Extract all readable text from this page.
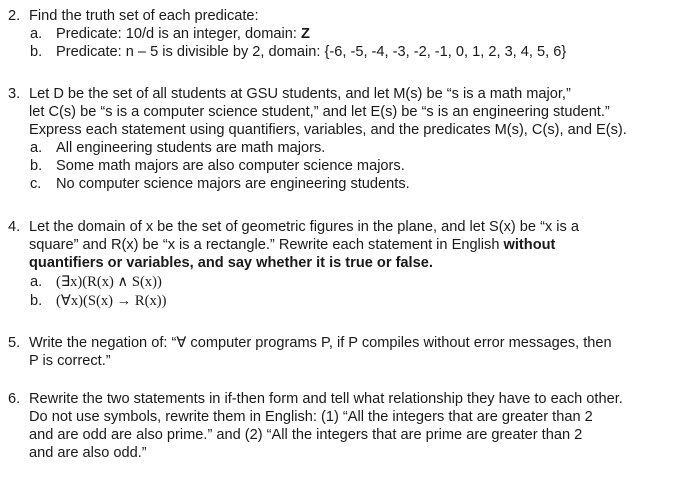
2. Find the truth set of each predicate:
a. Predicate: 10/d is an integer, domain: Z
b. Predicate: n – 5 is divisible by 2, domain: {-6, -5, -4, -3, -2, -1, 0, 1, 2, 3, 4, 5, 6}
3. Let D be the set of all students at GSU students, and let M(s) be “s is a math major,”
let C(s) be “s is a computer science student,” and let E(s) be “s is an engineering student.”
Express each statement using quantifiers, variables, and the predicates M(s), C(s), and E(s).
a. All engineering students are math majors.
b. Some math majors are also computer science majors.
c.	No computer science majors are engineering students.
4. Let the domain of x be the set of geometric figures in the plane, and let S(x) be “x is a
square” and R(x) be “x is a rectangle.” Rewrite each statement in English without
quantifiers or variables, and say whether it is true or false.
a. (∃x)(R(x) ∧ S(x))
b. (∀x)(S(x) → R(x))
5. Write the negation of: “∀ computer programs P, if P compiles without error messages, then
P is correct.”
6. Rewrite the two statements in if-then form and tell what relationship they have to each other.
Do not use symbols, rewrite them in English: (1) “All the integers that are greater than 2
and are odd are also prime.” and (2) “All the integers that are prime are greater than 2
and are also odd.”
